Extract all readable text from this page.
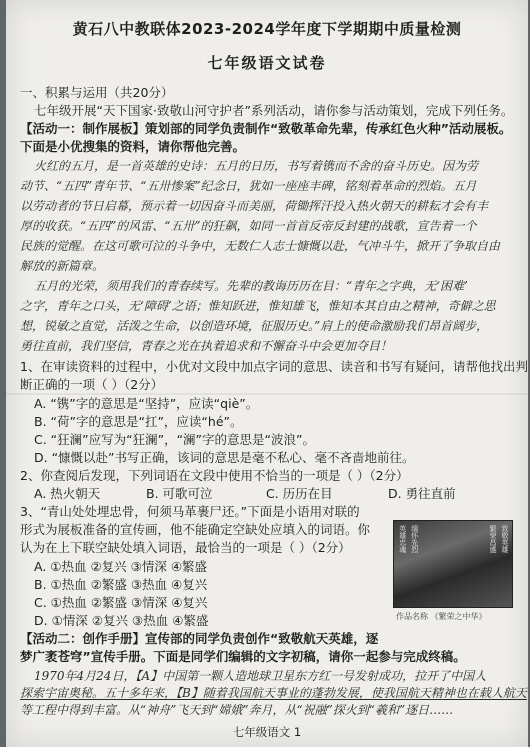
黄石八中教联体2023-2024学年度下学期期中质量检测
七年级语文试卷
一、积累与运用（共20分）
七年级开展“天下国家·致敬山河守护者”系列活动，请你参与活动策划，完成下列任务。
【活动一：制作展板】策划部的同学负责制作“致敬革命先辈，传承红色火种”活动展板。
下面是小优搜集的资料，请你帮他完善。
火红的五月，是一首英雄的史诗：五月的日历，书写着镌而不舍的奋斗历史。因为劳
动节、“五四”青年节、“五卅惨案”纪念日，犹如一座座丰碑，铭刻着革命的烈焰。五月
以劳动者的节日启幕，预示着一切因奋斗而美丽，荷锄挥汗投入热火朝天的耕耘才会有丰
厚的收获。“五四”的风雷、“五卅”的狂飙，如同一首首反帝反封建的战歌，宣告着一个
民族的觉醒。在这可歌可泣的斗争中，无数仁人志士慷慨以赴，气冲斗牛，掀开了争取自由
解放的新篇章。
五月的光荣，须用我们的青春续写。先辈的教诲历历在目：“青年之字典，无‘困难’
之字，青年之口头，无‘障碍’之语；惟知跃进，惟知雄飞，惟知本其自由之精神，奇僻之思
想，锐敏之直觉，活泼之生命，以创造环境，征服历史。”肩上的使命激励我们昂首阔步，
勇往直前，我们坚信，青春之光在执着追求和不懈奋斗中会更加夺目！
1、在审读资料的过程中，小优对文段中加点字词的意思、读音和书写有疑问，请帮他找出判
断正确的一项（ ）（2分）
A. “镌”字的意思是“坚持”，应读“qiè”。
B. “荷”字的意思是“扛”，应读“hé”。
C. “狂澜”应写为“狂澜”，“澜”字的意思是“波浪”。
D. “慷慨以赴”书写正确，该词的意思是毫不私心、毫不吝啬地前往。
2、你查阅后发现，下列词语在文段中使用不恰当的一项是（ ）（2分）
A. 热火朝天	B. 可歌可泣	C. 历历在目	D. 勇往直前
3、“青山处处埋忠骨，何须马革裹尸还。”下面是小语用对联的
形式为展板准备的宣传画，他不能确定空缺处应填入的词语。你
认为在上下联空缺处填入词语，最恰当的一项是（ ）（2分）
A. ①热血 ②复兴 ③情深 ④繁盛
B. ①热血 ②繁盛 ③热血 ④复兴
C. ①热血 ②繁盛 ③情深 ④复兴
D. ①情深 ②复兴 ③热血 ④繁盛
英雄忠魂 缅怀先烈	繁荣昌盛 致敬英雄
作品名称 《繁荣之中华》
【活动二：创作手册】宣传部的同学负责创作“致敬航天英雄，逐
梦广袤苍穹”宣传手册。下面是同学们编辑的文字初稿，请你一起参与完成终稿。
1970年4月24日，【A】中国第一颗人造地球卫星东方红一号发射成功，拉开了中国人
探索宇宙奥秘。五十多年来，【B】随着我国航天事业的蓬勃发展，使我国航天精神也在载人航天
等工程中得到丰富。从“神舟”飞天到“嫦娥”奔月，从“祝融”探火到“羲和”逐日……
七年级语文 1
